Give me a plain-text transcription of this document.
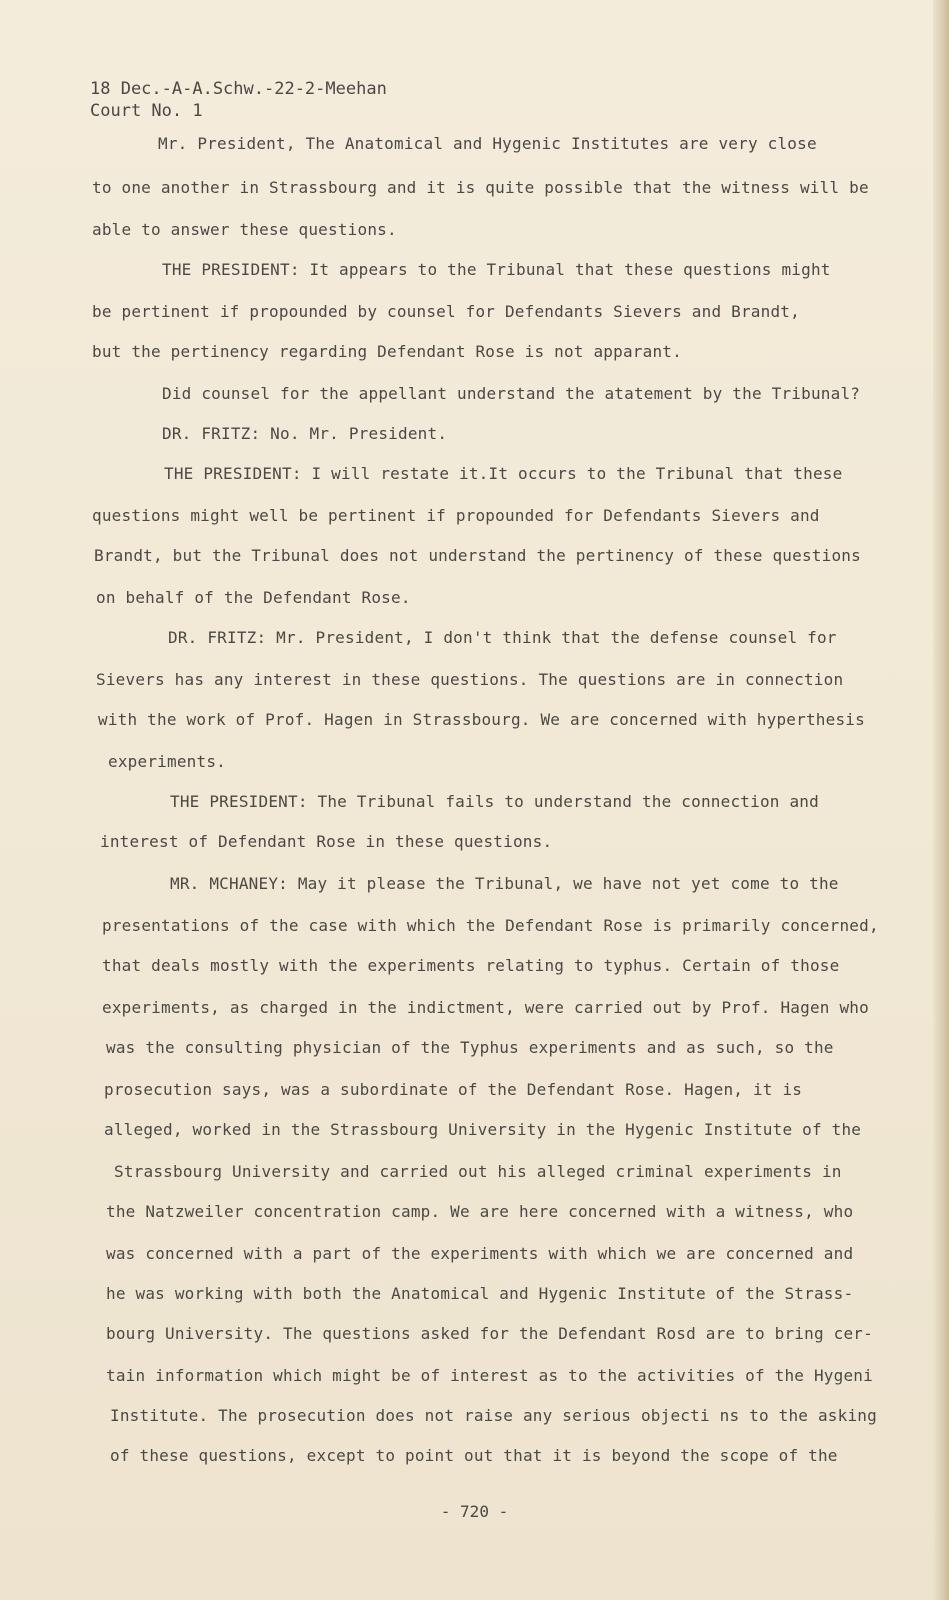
18 Dec.-A-A.Schw.-22-2-Meehan
Court No. 1
Mr. President, The Anatomical and Hygenic Institutes are very close
to one another in Strassbourg and it is quite possible that the witness will be
able to answer these questions.
THE PRESIDENT: It appears to the Tribunal that these questions might
be pertinent if propounded by counsel for Defendants Sievers and Brandt,
but the pertinency regarding Defendant Rose is not apparant.
Did counsel for the appellant understand the atatement by the Tribunal?
DR. FRITZ: No. Mr. President.
THE PRESIDENT: I will restate it.It occurs to the Tribunal that these
questions might well be pertinent if propounded for Defendants Sievers and
Brandt, but the Tribunal does not understand the pertinency of these questions
on behalf of the Defendant Rose.
DR. FRITZ: Mr. President, I don't think that the defense counsel for
Sievers has any interest in these questions. The questions are in connection
with the work of Prof. Hagen in Strassbourg. We are concerned with hyperthesis
experiments.
THE PRESIDENT: The Tribunal fails to understand the connection and
interest of Defendant Rose in these questions.
MR. MCHANEY: May it please the Tribunal, we have not yet come to the
presentations of the case with which the Defendant Rose is primarily concerned,
that deals mostly with the experiments relating to typhus. Certain of those
experiments, as charged in the indictment, were carried out by Prof. Hagen who
was the consulting physician of the Typhus experiments and as such, so the
prosecution says, was a subordinate of the Defendant Rose. Hagen, it is
alleged, worked in the Strassbourg University in the Hygenic Institute of the
Strassbourg University and carried out his alleged criminal experiments in
the Natzweiler concentration camp. We are here concerned with a witness, who
was concerned with a part of the experiments with which we are concerned and
he was working with both the Anatomical and Hygenic Institute of the Strass-
bourg University. The questions asked for the Defendant Rosd are to bring cer-
tain information which might be of interest as to the activities of the Hygeni
Institute. The prosecution does not raise any serious objecti ns to the asking
of these questions, except to point out that it is beyond the scope of the
- 720 -
